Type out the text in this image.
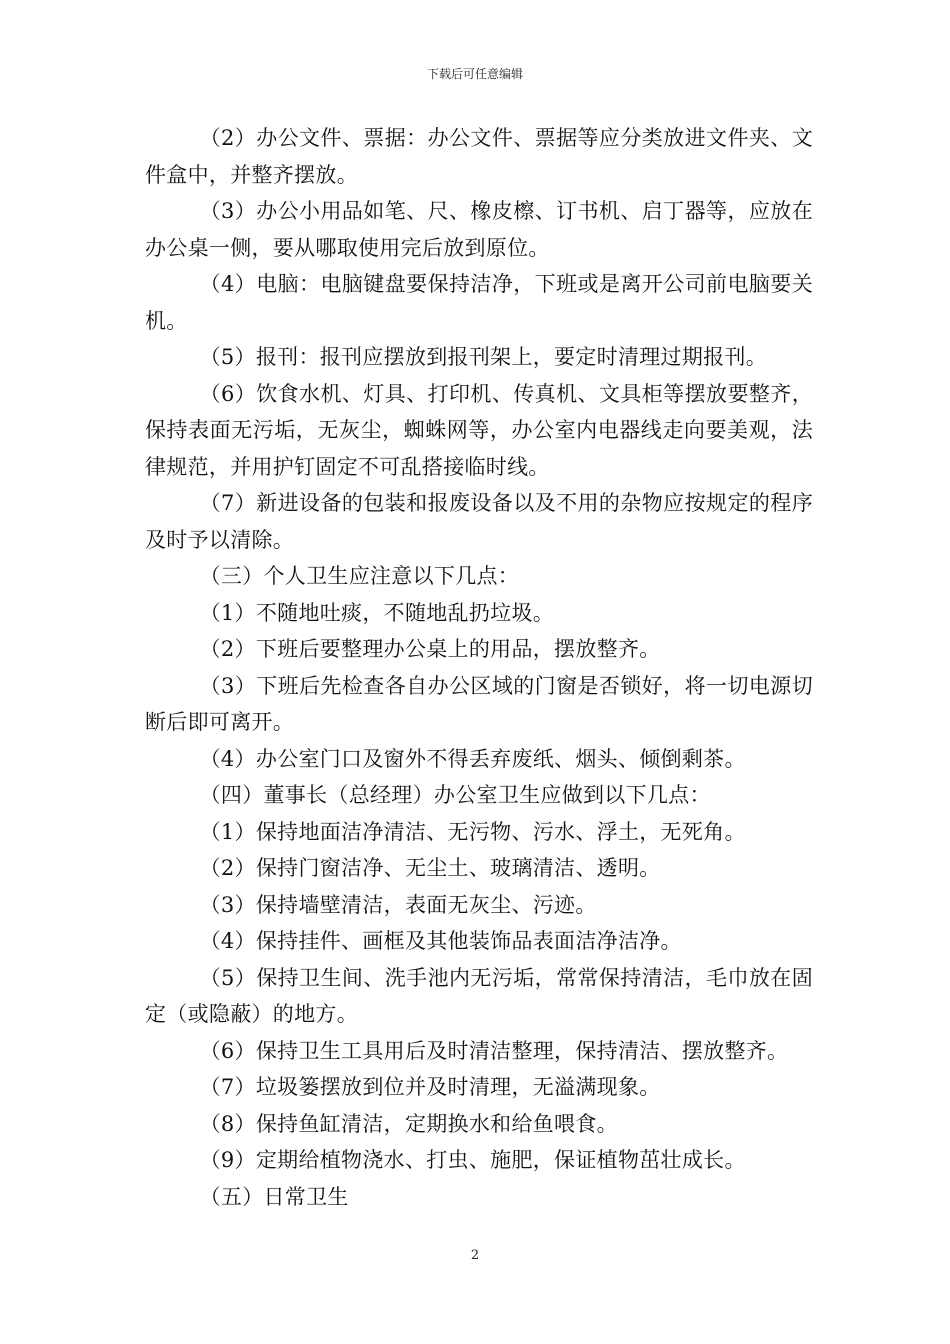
下载后可任意编辑

（2）办公文件、票据：办公文件、票据等应分类放进文件夹、文件盒中，并整齐摆放。

（3）办公小用品如笔、尺、橡皮檫、订书机、启丁器等，应放在办公桌一侧，要从哪取使用完后放到原位。

（4）电脑：电脑键盘要保持洁净，下班或是离开公司前电脑要关机。

（5）报刊：报刊应摆放到报刊架上，要定时清理过期报刊。

（6）饮食水机、灯具、打印机、传真机、文具柜等摆放要整齐，保持表面无污垢，无灰尘，蜘蛛网等，办公室内电器线走向要美观，法律规范，并用护钉固定不可乱搭接临时线。

（7）新进设备的包装和报废设备以及不用的杂物应按规定的程序及时予以清除。

（三）个人卫生应注意以下几点：

（1）不随地吐痰，不随地乱扔垃圾。

（2）下班后要整理办公桌上的用品，摆放整齐。

（3）下班后先检查各自办公区域的门窗是否锁好，将一切电源切断后即可离开。

（4）办公室门口及窗外不得丢弃废纸、烟头、倾倒剩茶。

（四）董事长（总经理）办公室卫生应做到以下几点：

（1）保持地面洁净清洁、无污物、污水、浮土，无死角。

（2）保持门窗洁净、无尘土、玻璃清洁、透明。

（3）保持墙壁清洁，表面无灰尘、污迹。

（4）保持挂件、画框及其他装饰品表面洁净洁净。

（5）保持卫生间、洗手池内无污垢，常常保持清洁，毛巾放在固定（或隐蔽）的地方。

（6）保持卫生工具用后及时清洁整理，保持清洁、摆放整齐。

（7）垃圾篓摆放到位并及时清理，无溢满现象。

（8）保持鱼缸清洁，定期换水和给鱼喂食。

（9）定期给植物浇水、打虫、施肥，保证植物茁壮成长。

（五）日常卫生

2
